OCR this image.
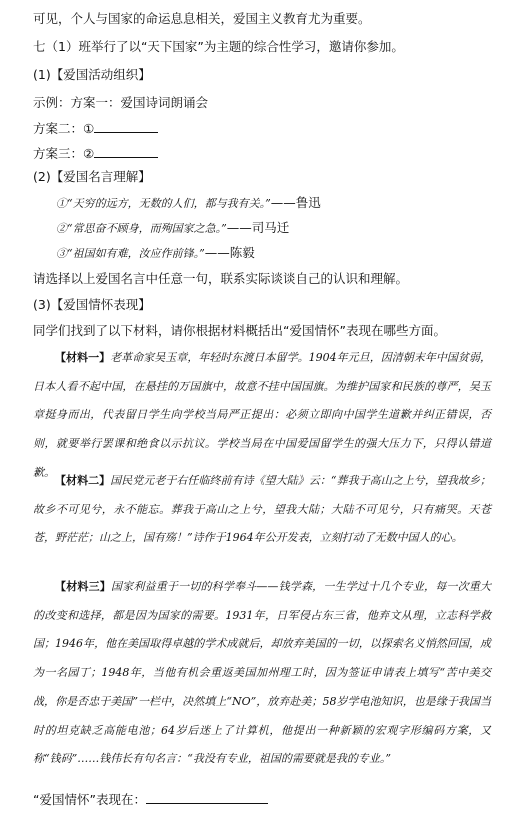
可见，个人与国家的命运息息相关，爱国主义教育尤为重要。
七（1）班举行了以“天下国家”为主题的综合性学习，邀请你参加。
(1)【爱国活动组织】
示例：方案一：爱国诗词朗诵会
方案二：①
方案三：②
(2)【爱国名言理解】
①“天穷的远方，无数的人们，都与我有关。”——鲁迅
②“常思奋不顾身，而殉国家之急。”——司马迁
③“祖国如有难，汝应作前锋。”——陈毅
请选择以上爱国名言中任意一句，联系实际谈谈自己的认识和理解。
(3)【爱国情怀表现】
同学们找到了以下材料，请你根据材料概括出“爱国情怀”表现在哪些方面。
【材料一】老革命家吴玉章，年轻时东渡日本留学。1904年元旦，因清朝末年中国贫弱，日本人看不起中国，在悬挂的万国旗中，故意不挂中国国旗。为维护国家和民族的尊严，吴玉章挺身而出，代表留日学生向学校当局严正提出：必须立即向中国学生道歉并纠正错误，否则，就要举行罢课和绝食以示抗议。学校当局在中国爱国留学生的强大压力下，只得认错道歉。
【材料二】国民党元老于右任临终前有诗《望大陆》云：“葬我于高山之上兮，望我故乡；故乡不可见兮，永不能忘。葬我于高山之上兮，望我大陆；大陆不可见兮，只有痛哭。天苍苍，野茫茫；山之上，国有殇！”诗作于1964年公开发表，立刻打动了无数中国人的心。
【材料三】国家利益重于一切的科学奉斗——钱学森，一生学过十几个专业，每一次重大的改变和选择，都是因为国家的需要。1931年，日军侵占东三省，他弃文从理，立志科学救国；1946年，他在美国取得卓越的学术成就后，却放弃美国的一切，以探索名义悄然回国，成为一名园丁；1948年，当他有机会重返美国加州理工时，因为签证申请表上填写“苦中美交战，你是否忠于美国”一栏中，决然填上“NO”，放弃赴美；58岁学电池知识，也是缘于我国当时的坦克缺乏高能电池；64岁后迷上了计算机，他提出一种新颖的宏观字形编码方案，又称“钱码”……钱伟长有句名言：“我没有专业，祖国的需要就是我的专业。”
“爱国情怀”表现在：
